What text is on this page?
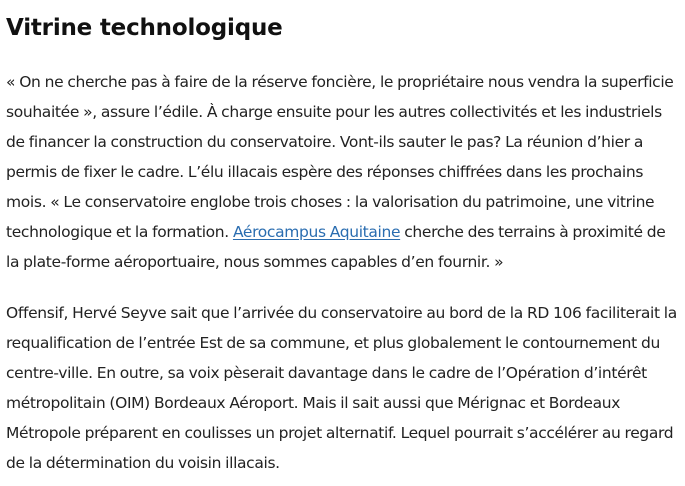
Vitrine technologique

« On ne cherche pas à faire de la réserve foncière, le propriétaire nous vendra la superficie souhaitée », assure l’édile. À charge ensuite pour les autres collectivités et les industriels de financer la construction du conservatoire. Vont-ils sauter le pas? La réunion d’hier a permis de fixer le cadre. L’élu illacais espère des réponses chiffrées dans les prochains mois. « Le conservatoire englobe trois choses : la valorisation du patrimoine, une vitrine technologique et la formation. Aérocampus Aquitaine cherche des terrains à proximité de la plate-forme aéroportuaire, nous sommes capables d’en fournir. »

Offensif, Hervé Seyve sait que l’arrivée du conservatoire au bord de la RD 106 faciliterait la requalification de l’entrée Est de sa commune, et plus globalement le contournement du centre-ville. En outre, sa voix pèserait davantage dans le cadre de l’Opération d’intérêt métropolitain (OIM) Bordeaux Aéroport. Mais il sait aussi que Mérignac et Bordeaux Métropole préparent en coulisses un projet alternatif. Lequel pourrait s’accélérer au regard de la détermination du voisin illacais.
